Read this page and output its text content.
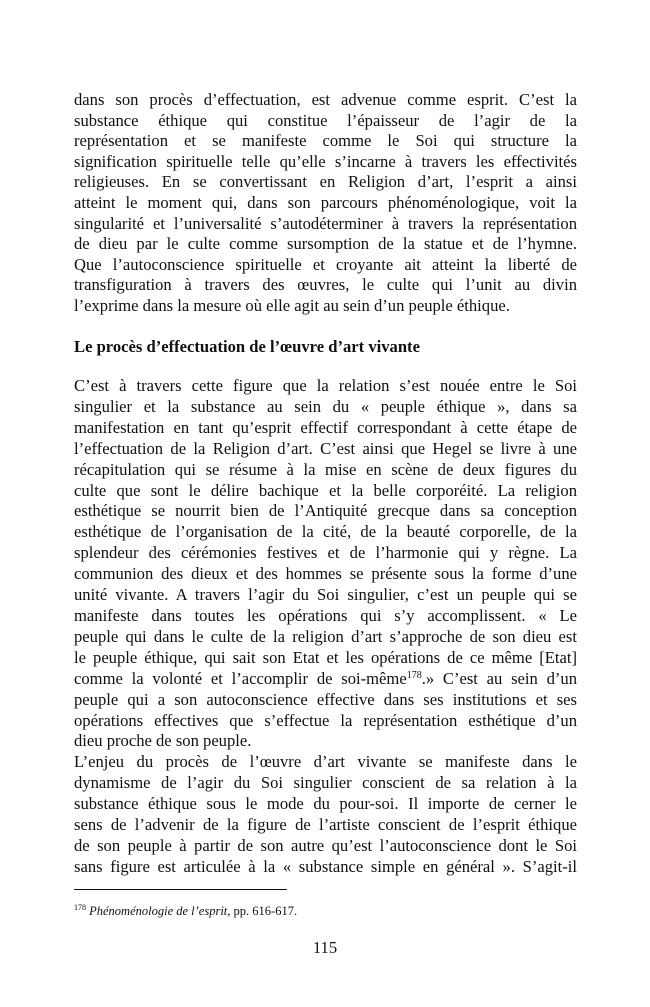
dans son procès d’effectuation, est advenue comme esprit. C’est la
substance éthique qui constitue l’épaisseur de l’agir de la
représentation et se manifeste comme le Soi qui structure la
signification spirituelle telle qu’elle s’incarne à travers les effectivités
religieuses. En se convertissant en Religion d’art, l’esprit a ainsi
atteint le moment qui, dans son parcours phénoménologique, voit la
singularité et l’universalité s’autodéterminer à travers la représentation
de dieu par le culte comme sursomption de la statue et de l’hymne.
Que l’autoconscience spirituelle et croyante ait atteint la liberté de
transfiguration à travers des œuvres, le culte qui l’unit au divin
l’exprime dans la mesure où elle agit au sein d’un peuple éthique.
Le procès d’effectuation de l’œuvre d’art vivante
C’est à travers cette figure que la relation s’est nouée entre le Soi
singulier et la substance au sein du « peuple éthique », dans sa
manifestation en tant qu’esprit effectif correspondant à cette étape de
l’effectuation de la Religion d’art. C’est ainsi que Hegel se livre à une
récapitulation qui se résume à la mise en scène de deux figures du
culte que sont le délire bachique et la belle corporéité. La religion
esthétique se nourrit bien de l’Antiquité grecque dans sa conception
esthétique de l’organisation de la cité, de la beauté corporelle, de la
splendeur des cérémonies festives et de l’harmonie qui y règne. La
communion des dieux et des hommes se présente sous la forme d’une
unité vivante. A travers l’agir du Soi singulier, c’est un peuple qui se
manifeste dans toutes les opérations qui s’y accomplissent. « Le
peuple qui dans le culte de la religion d’art s’approche de son dieu est
le peuple éthique, qui sait son Etat et les opérations de ce même [Etat]
comme la volonté et l’accomplir de soi-même$^{178}$.» C’est au sein d’un
peuple qui a son autoconscience effective dans ses institutions et ses
opérations effectives que s’effectue la représentation esthétique d’un
dieu proche de son peuple.
L’enjeu du procès de l’œuvre d’art vivante se manifeste dans le
dynamisme de l’agir du Soi singulier conscient de sa relation à la
substance éthique sous le mode du pour-soi. Il importe de cerner le
sens de l’advenir de la figure de l’artiste conscient de l’esprit éthique
de son peuple à partir de son autre qu’est l’autoconscience dont le Soi
sans figure est articulée à la « substance simple en général ». S’agit-il
$^{178}$ Phénoménologie de l’esprit, pp. 616-617.
115
